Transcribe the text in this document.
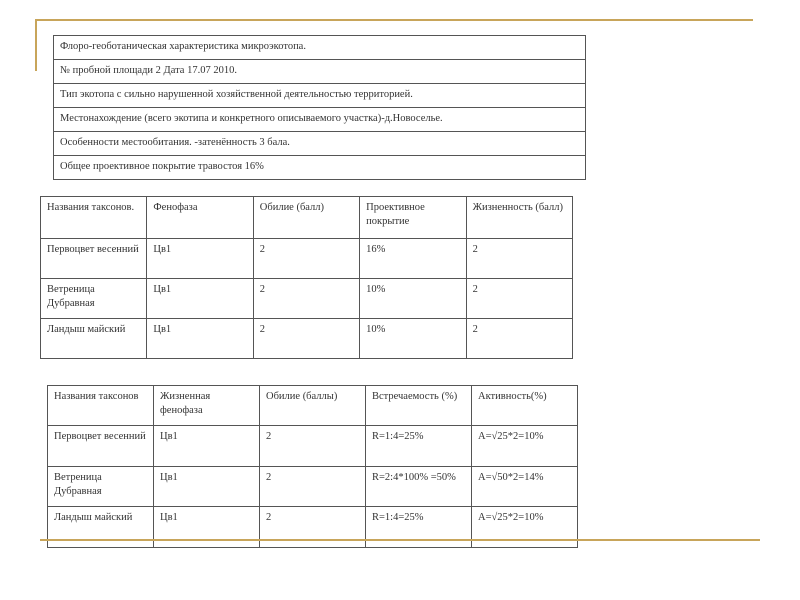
Флоро-геоботаническая характеристика микроэкотопа.
№ пробной площади 2 Дата 17.07 2010.
Тип экотопа с сильно нарушенной хозяйственной деятельностью территорией.
Местонахождение (всего экотипа и конкретного описываемого участка)-д.Новоселье.
Особенности местообитания. -затенённость 3 бала.
Общее проективное покрытие травостоя 16%
Названия таксонов.	Фенофаза	Обилие (балл)	Проективное покрытие	Жизненность (балл)
Первоцвет весенний	Цв1	2	16%	2
Ветреница Дубравная	Цв1	2	10%	2
Ландыш майский	Цв1	2	10%	2
Названия таксонов	Жизненная фенофаза	Обилие (баллы)	Встречаемость (%)	Активность(%)
Первоцвет весенний	Цв1	2	R=1:4=25%	A=√25*2=10%
Ветреница Дубравная	Цв1	2	R=2:4*100% =50%	A=√50*2=14%
Ландыш майский	Цв1	2	R=1:4=25%	A=√25*2=10%
